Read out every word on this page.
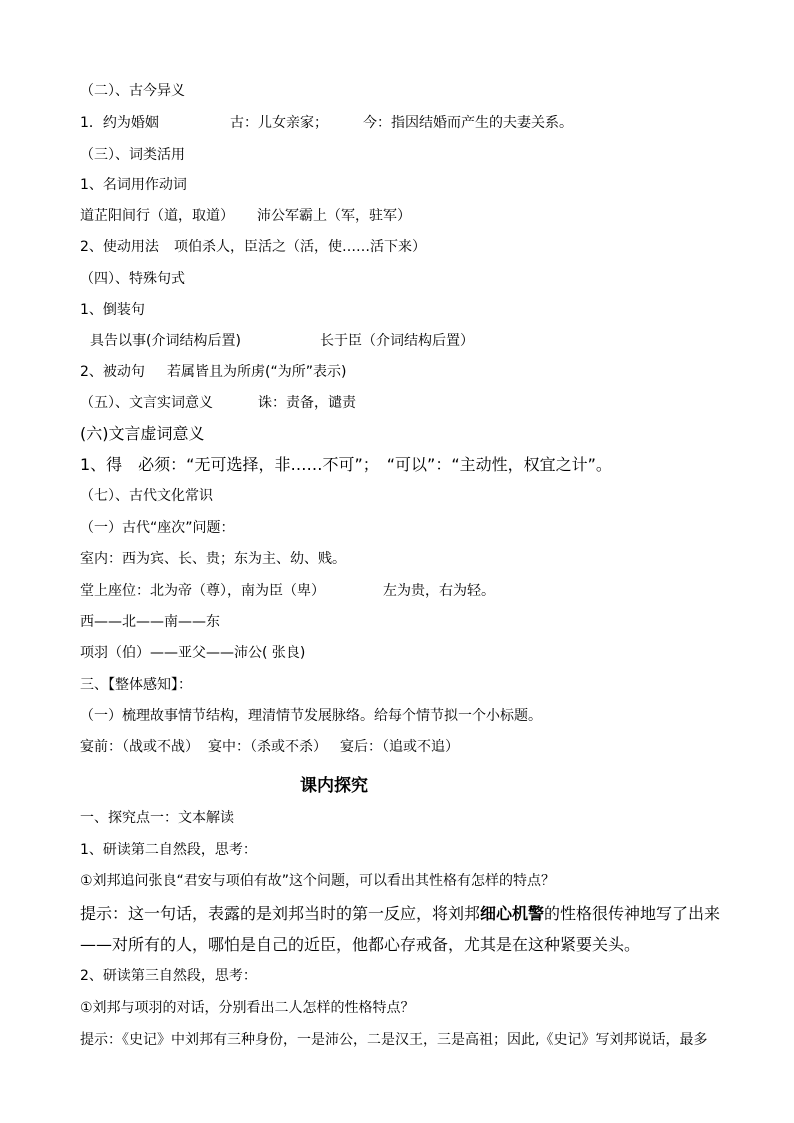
（二）、古今异义
1．约为婚姻	古：儿女亲家；	今：指因结婚而产生的夫妻关系。
（三）、词类活用
1、名词用作动词
道芷阳间行（道，取道） 沛公军霸上（军，驻军）
2、使动用法 项伯杀人，臣活之（活，使……活下来）
（四）、特殊句式
1、倒装句
具告以事(介词结构后置)	长于臣（介词结构后置）
2、被动句 若属皆且为所虏(“为所”表示)
（五）、文言实词意义	诛：责备，谴责
(六)文言虚词意义
1、得　必须：“无可选择，非……不可”；　“可以”：“主动性，权宜之计”。
（七）、古代文化常识
（一）古代“座次”问题：
室内：西为宾、长、贵；东为主、幼、贱。
堂上座位：北为帝（尊），南为臣（卑）	左为贵，右为轻。
西——北——南——东
项羽（伯）——亚父——沛公( 张良)
三、【整体感知】：
（一）梳理故事情节结构，理清情节发展脉络。给每个情节拟一个小标题。
宴前：（战或不战） 宴中：（杀或不杀） 宴后：（追或不追）
课内探究
一、探究点一：文本解读
1、研读第二自然段，思考：
①刘邦追问张良“君安与项伯有故”这个问题，可以看出其性格有怎样的特点？
提示：这一句话，表露的是刘邦当时的第一反应，将刘邦细心机警的性格很传神地写了出来
——对所有的人，哪怕是自己的近臣，他都心存戒备，尤其是在这种紧要关头。
2、研读第三自然段，思考：
①刘邦与项羽的对话，分别看出二人怎样的性格特点？
提示：《史记》中刘邦有三种身份，一是沛公，二是汉王，三是高祖；因此,《史记》写刘邦说话，最多
